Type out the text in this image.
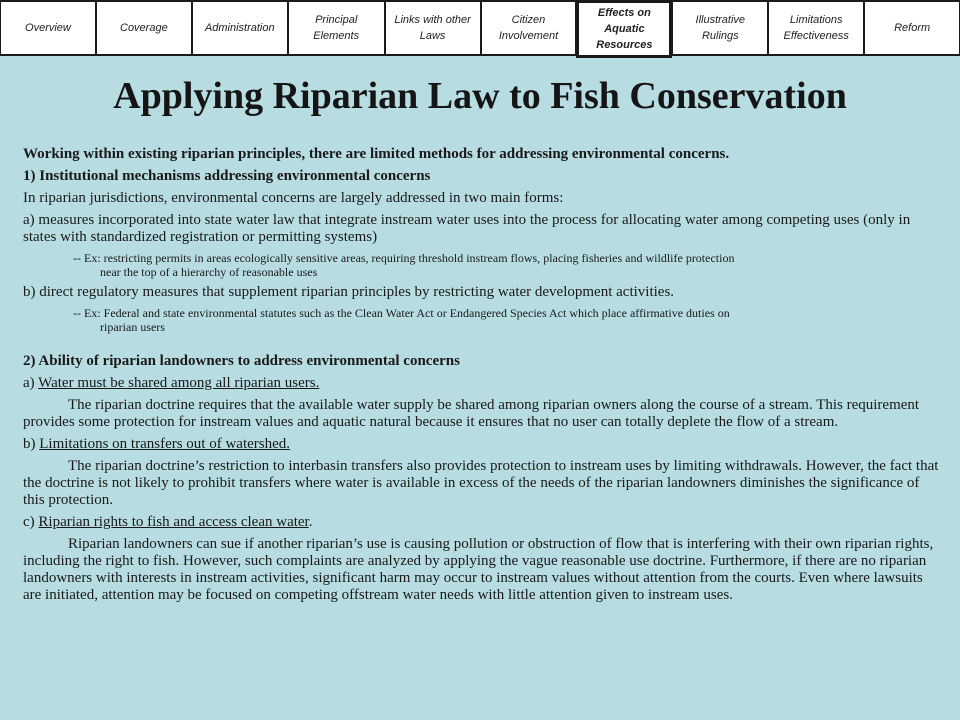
Overview	Coverage	Administration
Principal Elements
Links with other Laws
Citizen Involvement
Effects on Aquatic Resources
Illustrative Rulings
Limitations Effectiveness
Reform
Applying Riparian Law to Fish Conservation

Working within existing riparian principles, there are limited methods for addressing environmental concerns.

1) Institutional mechanisms addressing environmental concerns

In riparian jurisdictions, environmental concerns are largely addressed in two main forms:

a) measures incorporated into state water law that integrate instream water uses into the process for allocating water among competing uses (only in states with standardized registration or permitting systems)

-- Ex: restricting permits in areas ecologically sensitive areas, requiring threshold instream flows, placing fisheries and wildlife protection
near the top of a hierarchy of reasonable uses

b) direct regulatory measures that supplement riparian principles by restricting water development activities.

-- Ex: Federal and state environmental statutes such as the Clean Water Act or Endangered Species Act which place affirmative duties on
riparian users

2) Ability of riparian landowners to address environmental concerns

a) Water must be shared among all riparian users.

The riparian doctrine requires that the available water supply be shared among riparian owners along the course of a stream. This requirement provides some protection for instream values and aquatic natural because it ensures that no user can totally deplete the flow of a stream.

b) Limitations on transfers out of watershed.

The riparian doctrine’s restriction to interbasin transfers also provides protection to instream uses by limiting withdrawals. However, the fact that the doctrine is not likely to prohibit transfers where water is available in excess of the needs of the riparian landowners diminishes the significance of this protection.

c) Riparian rights to fish and access clean water.

Riparian landowners can sue if another riparian’s use is causing pollution or obstruction of flow that is interfering with their own riparian rights, including the right to fish. However, such complaints are analyzed by applying the vague reasonable use doctrine. Furthermore, if there are no riparian landowners with interests in instream activities, significant harm may occur to instream values without attention from the courts. Even where lawsuits are initiated, attention may be focused on competing offstream water needs with little attention given to instream uses.
